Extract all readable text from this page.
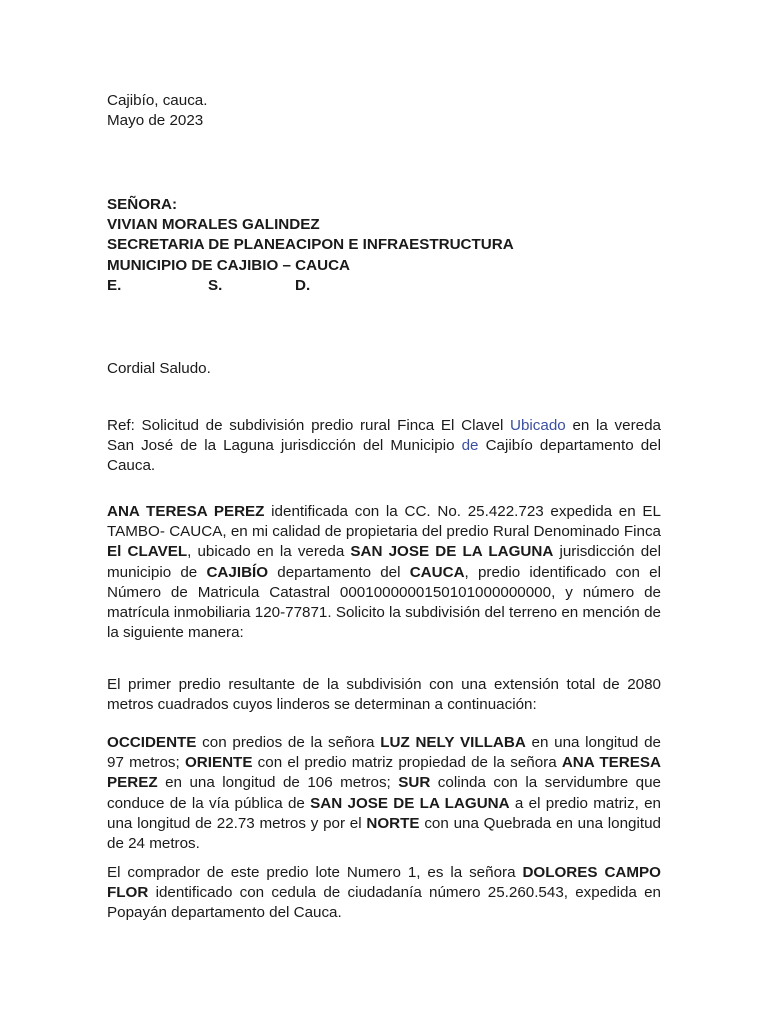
Cajibío, cauca.
Mayo de 2023
SEÑORA:
VIVIAN MORALES GALINDEZ
SECRETARIA DE PLANEACIPON E INFRAESTRUCTURA
MUNICIPIO DE CAJIBIO – CAUCA
E.	S.	D.
Cordial Saludo.
Ref: Solicitud de subdivisión predio rural Finca El Clavel Ubicado en la vereda San José de la Laguna jurisdicción del Municipio de Cajibío departamento del Cauca.
ANA TERESA PEREZ identificada con la CC. No. 25.422.723 expedida en EL TAMBO- CAUCA, en mi calidad de propietaria del predio Rural Denominado Finca El CLAVEL, ubicado en la vereda SAN JOSE DE LA LAGUNA jurisdicción del municipio de CAJIBÍO departamento del CAUCA, predio identificado con el Número de Matricula Catastral 0001000000150101000000000, y número de matrícula inmobiliaria 120-77871. Solicito la subdivisión del terreno en mención de la siguiente manera:
El primer predio resultante de la subdivisión con una extensión total de 2080 metros cuadrados cuyos linderos se determinan a continuación:
OCCIDENTE con predios de la señora LUZ NELY VILLABA en una longitud de 97 metros; ORIENTE con el predio matriz propiedad de la señora ANA TERESA PEREZ en una longitud de 106 metros; SUR colinda con la servidumbre que conduce de la vía pública de SAN JOSE DE LA LAGUNA a el predio matriz, en una longitud de 22.73 metros y por el NORTE con una Quebrada en una longitud de 24 metros.
El comprador de este predio lote Numero 1, es la señora DOLORES CAMPO FLOR identificado con cedula de ciudadanía número 25.260.543, expedida en Popayán departamento del Cauca.
